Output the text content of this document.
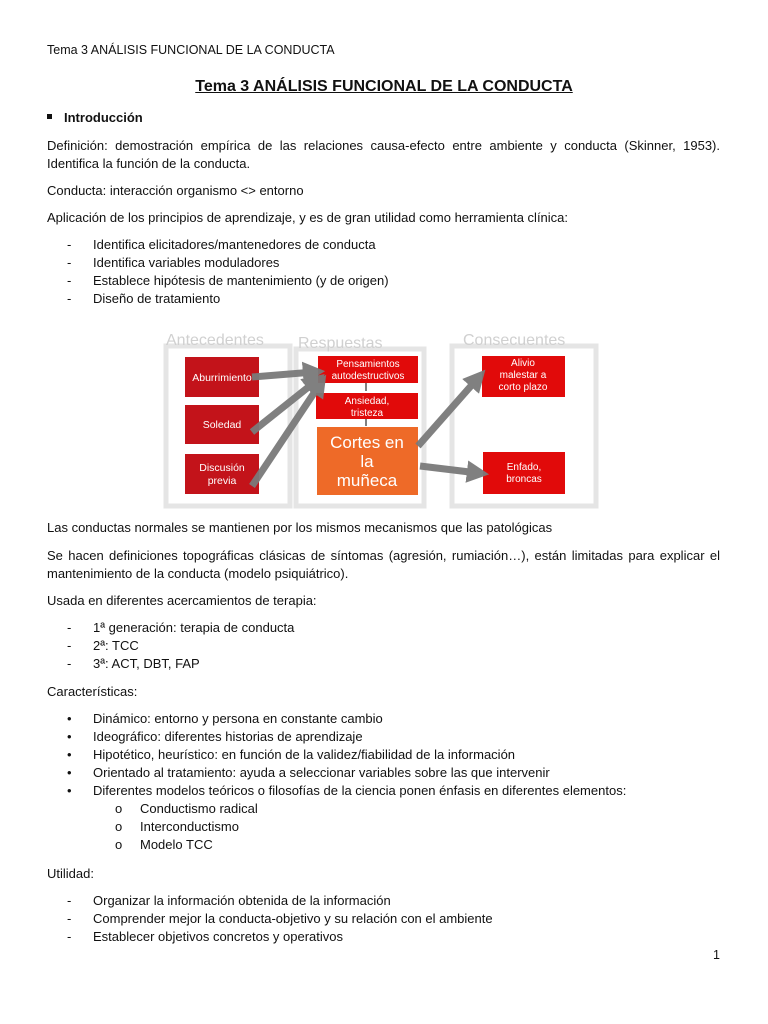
Tema 3 ANÁLISIS FUNCIONAL DE LA CONDUCTA
Tema 3 ANÁLISIS FUNCIONAL DE LA CONDUCTA
Introducción
Definición: demostración empírica de las relaciones causa-efecto entre ambiente y conducta (Skinner, 1953). Identifica la función de la conducta.
Conducta: interacción organismo <> entorno
Aplicación de los principios de aprendizaje, y es de gran utilidad como herramienta clínica:
-	Identifica elicitadores/mantenedores de conducta
-	Identifica variables moduladores
-	Establece hipótesis de mantenimiento (y de origen)
-	Diseño de tratamiento
Antecedentes Respuestas	Consecuentes
Aburrimiento
Soledad
Discusión
previa
Pensamientos
autodestructivos
Ansiedad,
tristeza
Cortes en
la
muñeca
Alivio
malestar a
corto plazo
Enfado,
broncas
Las conductas normales se mantienen por los mismos mecanismos que las patológicas
Se hacen definiciones topográficas clásicas de síntomas (agresión, rumiación…), están limitadas para explicar el mantenimiento de la conducta (modelo psiquiátrico).
Usada en diferentes acercamientos de terapia:
-	1ª generación: terapia de conducta
-	2ª: TCC
-	3ª: ACT, DBT, FAP
Características:
•	Dinámico: entorno y persona en constante cambio
•	Ideográfico: diferentes historias de aprendizaje
•	Hipotético, heurístico: en función de la validez/fiabilidad de la información
•	Orientado al tratamiento: ayuda a seleccionar variables sobre las que intervenir
•	Diferentes modelos teóricos o filosofías de la ciencia ponen énfasis en diferentes elementos:
o Conductismo radical
o Interconductismo
o Modelo TCC
Utilidad:
-	Organizar la información obtenida de la información
-	Comprender mejor la conducta-objetivo y su relación con el ambiente
-	Establecer objetivos concretos y operativos
1
